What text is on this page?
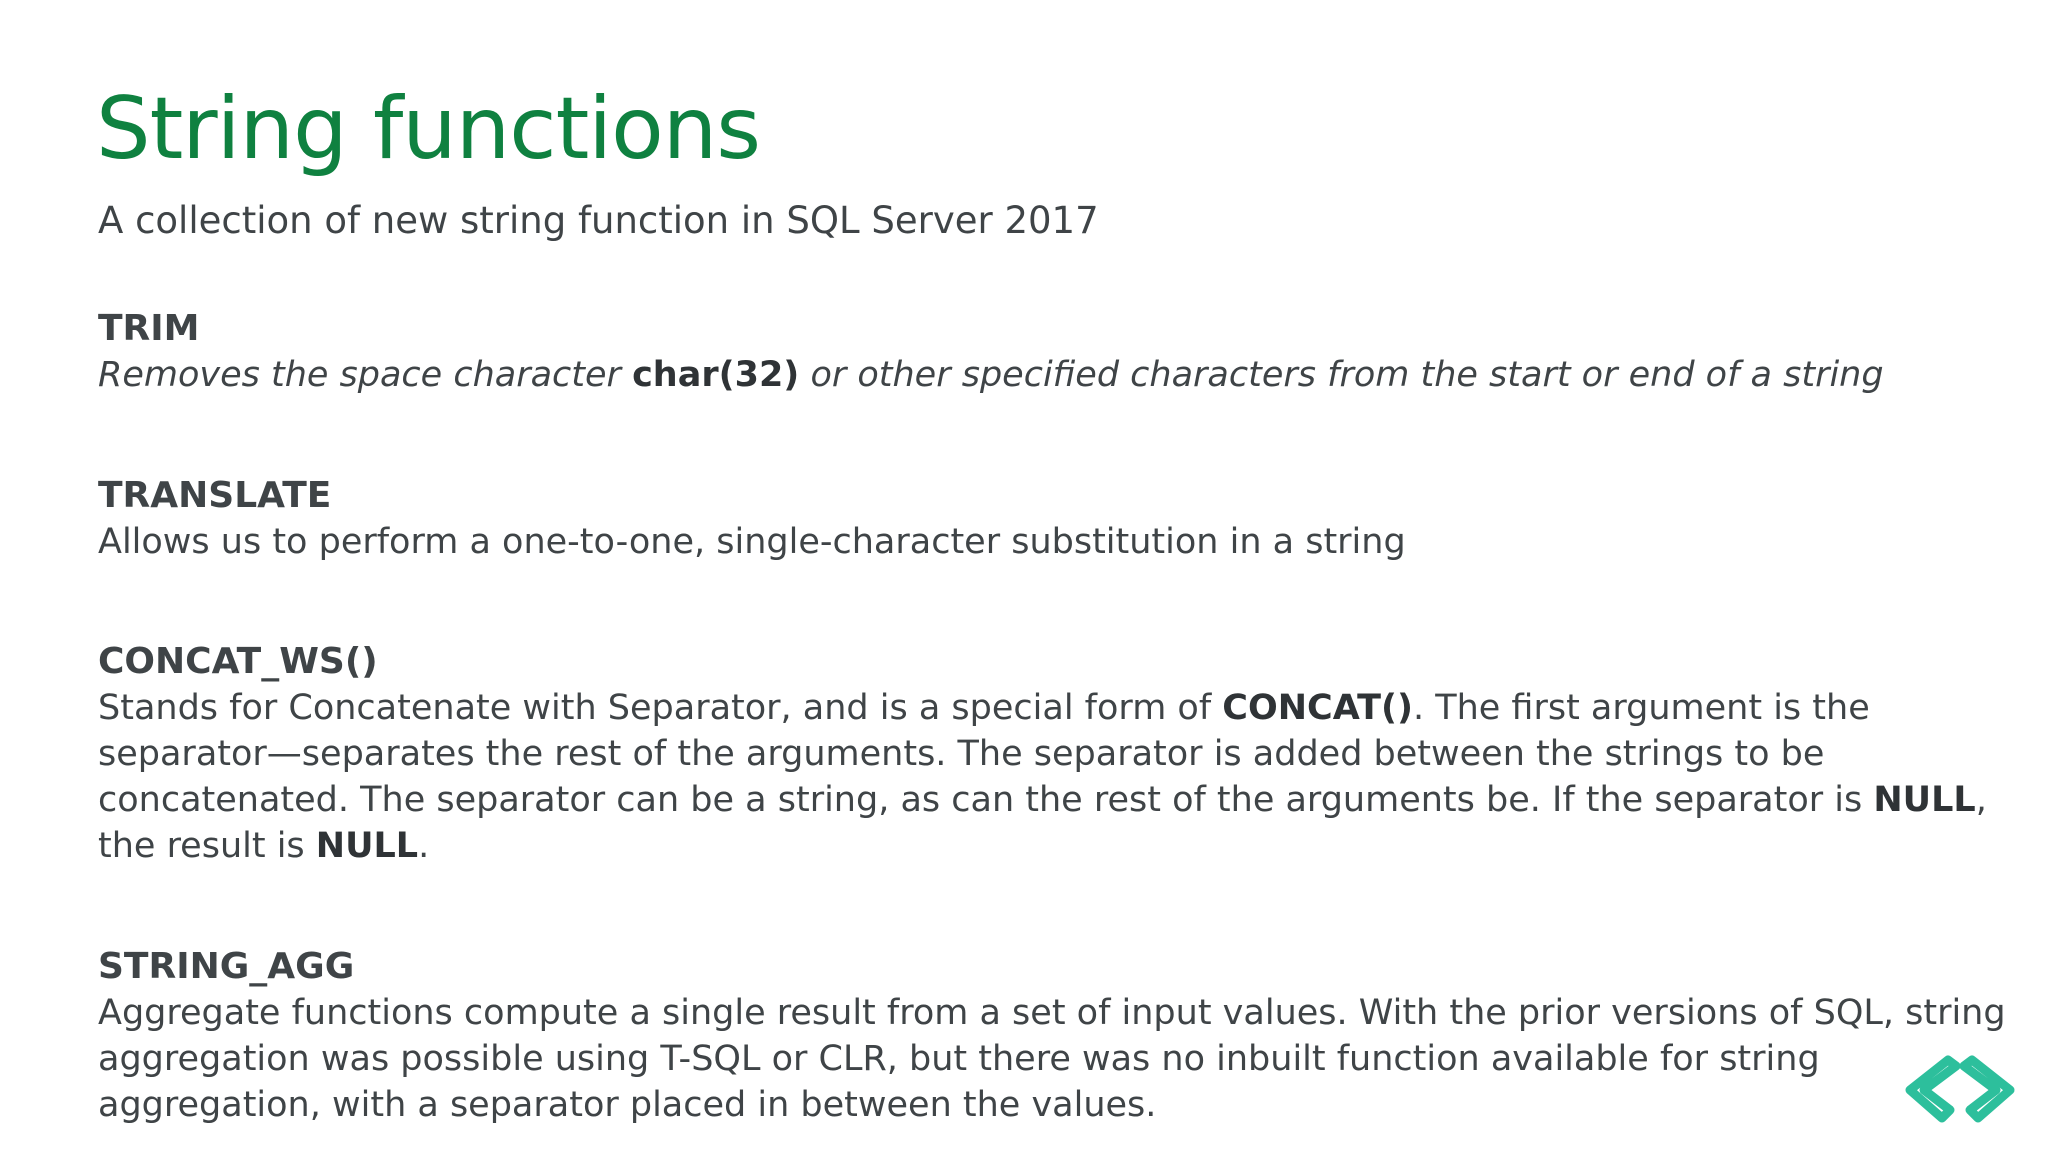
String functions

A collection of new string function in SQL Server 2017

TRIM

Removes the space character char(32) or other specified characters from the start or end of a string

TRANSLATE

Allows us to perform a one-to-one, single-character substitution in a string

CONCAT_WS()

Stands for Concatenate with Separator, and is a special form of CONCAT(). The first argument is the
separator—separates the rest of the arguments. The separator is added between the strings to be
concatenated. The separator can be a string, as can the rest of the arguments be. If the separator is NULL,
the result is NULL.

STRING_AGG

Aggregate functions compute a single result from a set of input values. With the prior versions of SQL, string
aggregation was possible using T-SQL or CLR, but there was no inbuilt function available for string
aggregation, with a separator placed in between the values.
